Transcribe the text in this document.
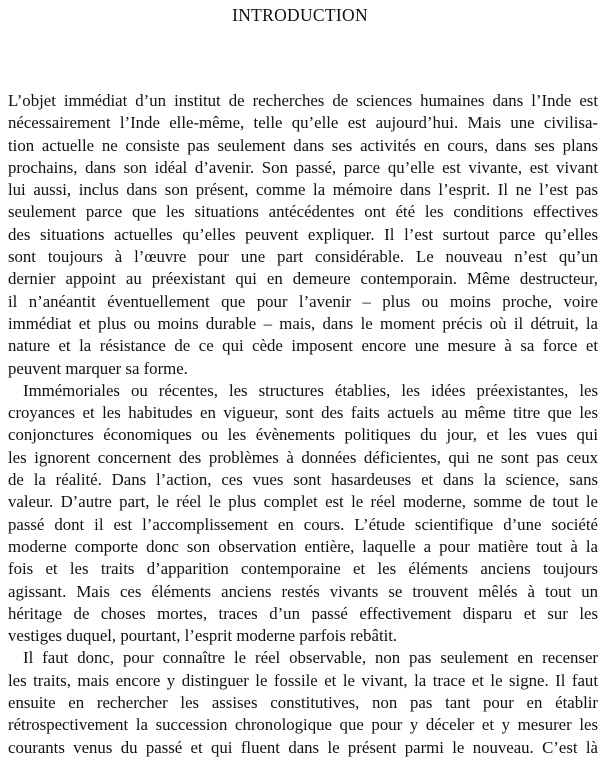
INTRODUCTION
L’objet immédiat d’un institut de recherches de sciences humaines dans l’Inde est
nécessairement l’Inde elle-même, telle qu’elle est aujourd’hui. Mais une civilisa-
tion actuelle ne consiste pas seulement dans ses activités en cours, dans ses plans
prochains, dans son idéal d’avenir. Son passé, parce qu’elle est vivante, est vivant
lui aussi, inclus dans son présent, comme la mémoire dans l’esprit. Il ne l’est pas
seulement parce que les situations antécédentes ont été les conditions effectives
des situations actuelles qu’elles peuvent expliquer. Il l’est surtout parce qu’elles
sont toujours à l’œuvre pour une part considérable. Le nouveau n’est qu’un
dernier appoint au préexistant qui en demeure contemporain. Même destructeur,
il n’anéantit éventuellement que pour l’avenir – plus ou moins proche, voire
immédiat et plus ou moins durable – mais, dans le moment précis où il détruit, la
nature et la résistance de ce qui cède imposent encore une mesure à sa force et
peuvent marquer sa forme.
Immémoriales ou récentes, les structures établies, les idées préexistantes, les
croyances et les habitudes en vigueur, sont des faits actuels au même titre que les
conjonctures économiques ou les évènements politiques du jour, et les vues qui
les ignorent concernent des problèmes à données déficientes, qui ne sont pas ceux
de la réalité. Dans l’action, ces vues sont hasardeuses et dans la science, sans
valeur. D’autre part, le réel le plus complet est le réel moderne, somme de tout le
passé dont il est l’accomplissement en cours. L’étude scientifique d’une société
moderne comporte donc son observation entière, laquelle a pour matière tout à la
fois et les traits d’apparition contemporaine et les éléments anciens toujours
agissant. Mais ces éléments anciens restés vivants se trouvent mêlés à tout un
héritage de choses mortes, traces d’un passé effectivement disparu et sur les
vestiges duquel, pourtant, l’esprit moderne parfois rebâtit.
Il faut donc, pour connaître le réel observable, non pas seulement en recenser
les traits, mais encore y distinguer le fossile et le vivant, la trace et le signe. Il faut
ensuite en rechercher les assises constitutives, non pas tant pour en établir
rétrospectivement la succession chronologique que pour y déceler et y mesurer les
courants venus du passé et qui fluent dans le présent parmi le nouveau. C’est là
